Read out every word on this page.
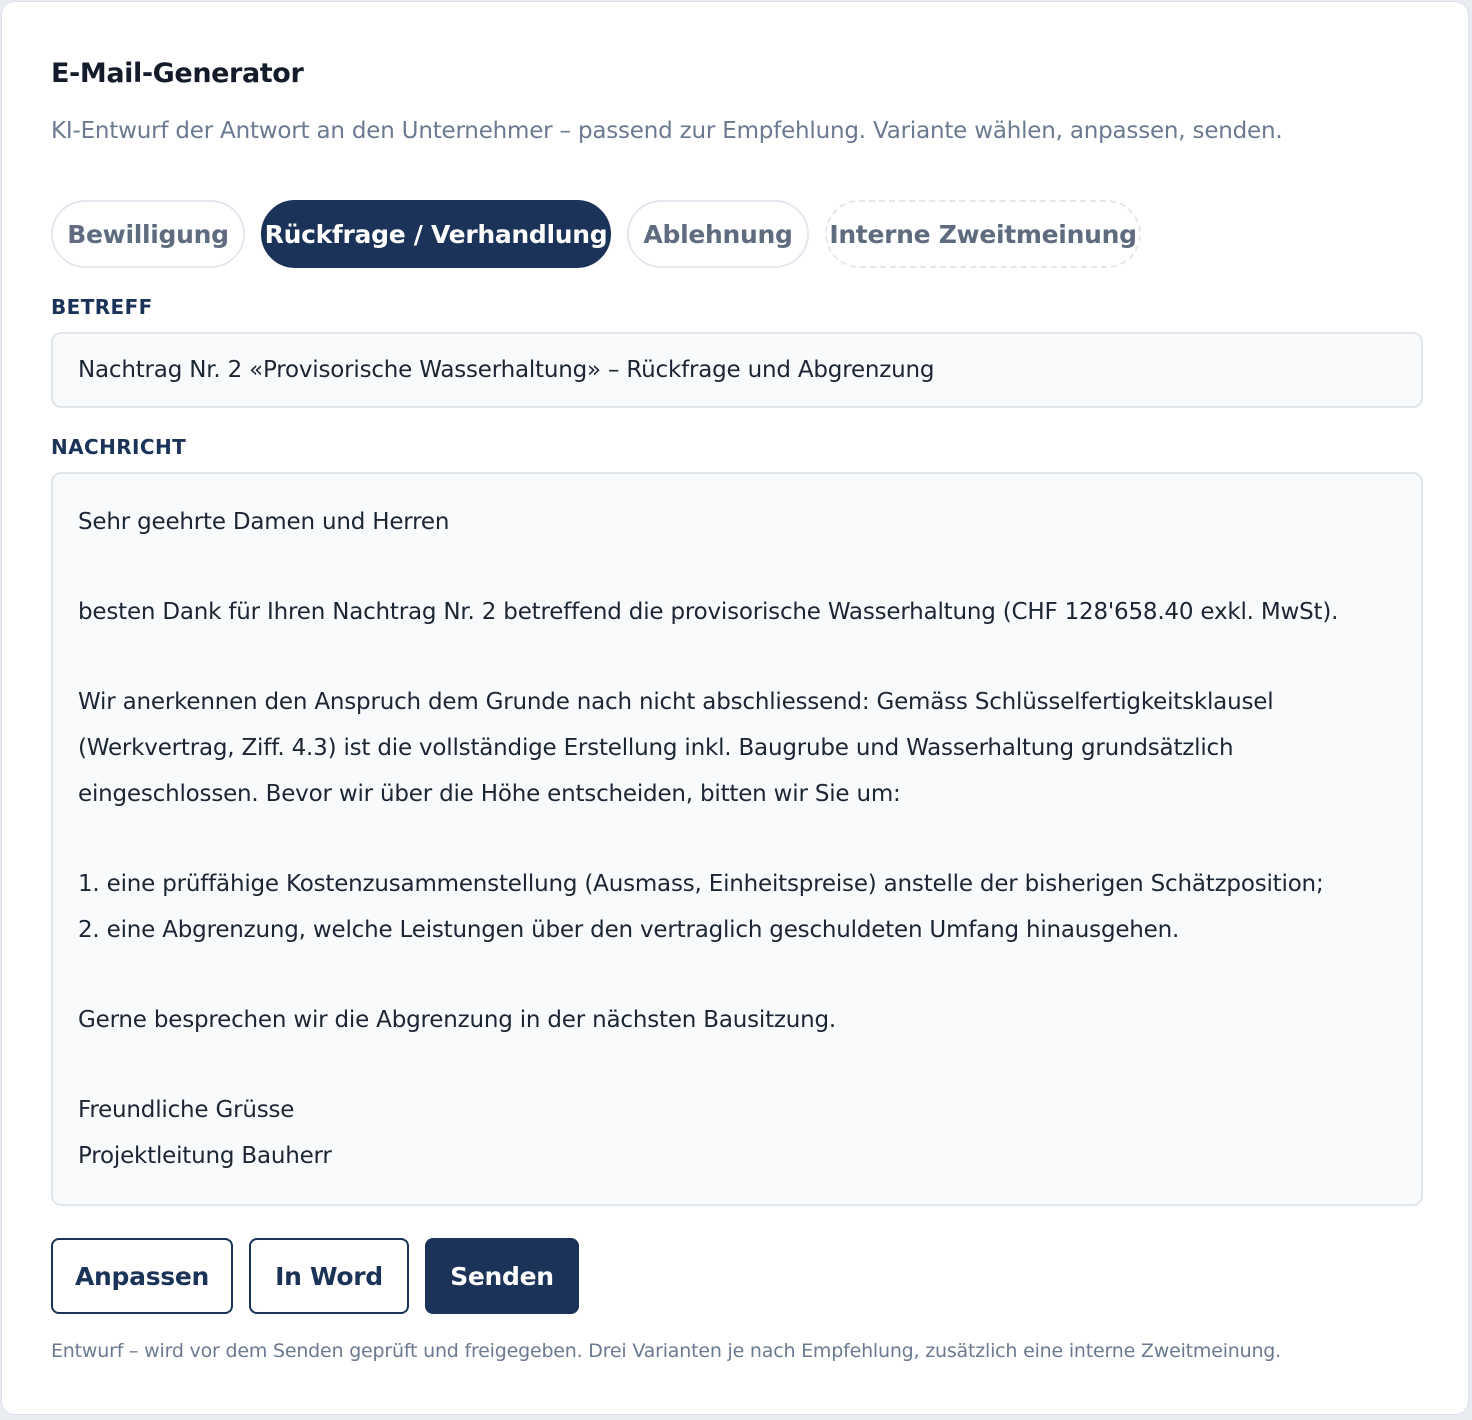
E-Mail-Generator
KI-Entwurf der Antwort an den Unternehmer – passend zur Empfehlung. Variante wählen, anpassen, senden.
Bewilligung Rückfrage / Verhandlung Ablehnung Interne Zweitmeinung
BETREFF
Nachtrag Nr. 2 «Provisorische Wasserhaltung» – Rückfrage und Abgrenzung
NACHRICHT
Sehr geehrte Damen und Herren
besten Dank für Ihren Nachtrag Nr. 2 betreffend die provisorische Wasserhaltung (CHF 128'658.40 exkl. MwSt).
Wir anerkennen den Anspruch dem Grunde nach nicht abschliessend: Gemäss Schlüsselfertigkeitsklausel
(Werkvertrag, Ziff. 4.3) ist die vollständige Erstellung inkl. Baugrube und Wasserhaltung grundsätzlich
eingeschlossen. Bevor wir über die Höhe entscheiden, bitten wir Sie um:
1. eine prüffähige Kostenzusammenstellung (Ausmass, Einheitspreise) anstelle der bisherigen Schätzposition;
2. eine Abgrenzung, welche Leistungen über den vertraglich geschuldeten Umfang hinausgehen.
Gerne besprechen wir die Abgrenzung in der nächsten Bausitzung.
Freundliche Grüsse
Projektleitung Bauherr
Anpassen	In Word	Senden
Entwurf – wird vor dem Senden geprüft und freigegeben. Drei Varianten je nach Empfehlung, zusätzlich eine interne Zweitmeinung.
